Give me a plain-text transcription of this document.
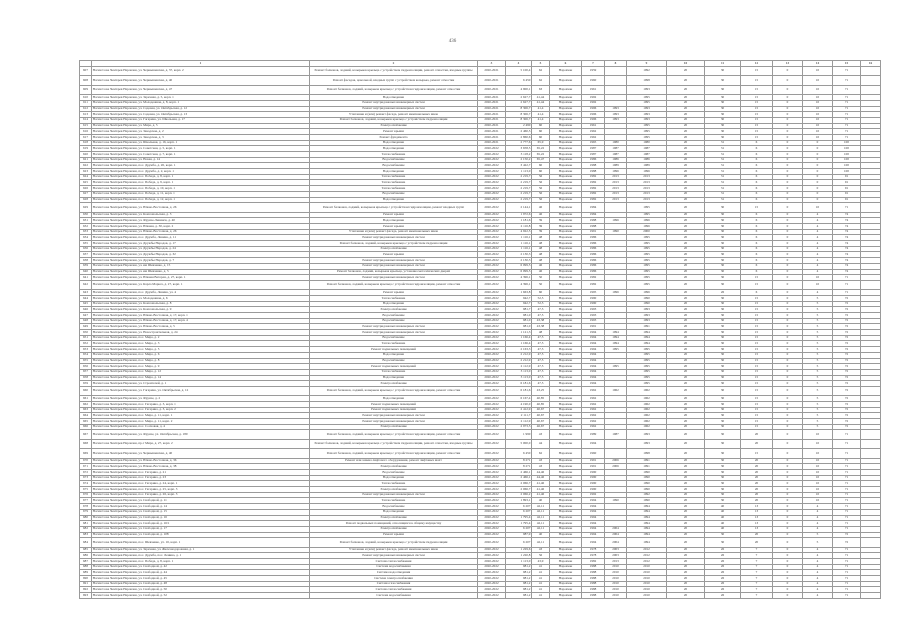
436
	1	2	3	4	5	6	7	8	9	10	11	12	13	14	15	16
607	Ногин Сове Чем'ерев Наровчан, ул. Чернышевская, д. 37, корп. 2	Ремонт балконов, лоджий, козырьков крыльца с устройством гидроизоляции, ремонт отмостки, входные группы	2020-2021	5 100,4	62	Наровчан	1959		1992	20	30	15	0	10	71	
608	Ногин Сове Чем'ерев Наровчан, ул. Чернышевская, д. 40	Ремонт фасадов, цокольной, входных групп с устройством козырька, ремонт отмостки	2020-2021	6 450	62	Наровчан	1960		1998	20	30	15	0	10	71	
609	Ногин Сове Чем'ерев Наровчан, ул. Чернышевская, д. 47	Ремонт балконов, лоджий, козырьков крыльца с устройством гидроизоляции, ремонт отмостки	2020-2021	4 900,1	63	Наровчан	1961		1993	20	30	15	0	10	71	
610	Ногин Сове Чем'ерев Наровчан, ул. Заречная, д. 5, корп. 1	Водоотведение	2020-2021	2 627,7	41,44	Наровчан	1992		1995	20	30	15	0	10	71	
611	Ногин Сове Чем'ерев Наровчан, ул. Молодежная, д. 8, корп. 1	Ремонт внутридомовых инженерных систем	2020-2021	2 627,7	41,44	Наровчан	1992		1995	20	30	15	0	10	71	
612	Ногин Сове Чем'ерев Наровчан, ул. Садовая, ул. Октябрьская, д. 12	Ремонт внутридомовых инженерных систем	2020-2021	8 306,7	41,4	Наровчан	1996	1993	1993	20	30	15	0	10	71	
613	Ногин Сове Чем'ерев Наровчан, ул. Садовая, ул. Октябрьская, д. 13	Утепление и (или) ремонт фасада, ремонт межпанельных швов	2020-2021	8 306,7	41,4	Наровчан	1996	1993	1993	20	30	15	0	10	71	
614	Ногин Сове Чем'ерев Наровчан, ул. Гагарина, ул. Школьная, д. 17	Ремонт балконов, лоджий, козырьков крыльца с устройством гидроизоляции	2020-2021	8 306,7	41,4	Наровчан	1996	1993	1993	20	30	15	0	10	71	
615	Ногин Сове Чем'ерев Наровчан, ул. Мира, д. 5	Электроснабжение	2020-2021	2 490	60	Наровчан	1961		1995	20	30	15	0	10	71	
616	Ногин Сове Чем'ерев Наровчан, ул. Заводская, д. 2	Ремонт крыши	2020-2021	2 460,5	60	Наровчан	1962		1995	20	30	15	0	10	71	
617	Ногин Сове Чем'ерев Наровчан, ул. Заводская, д. 3	Ремонт фундамента	2020-2021	2 860,6	60	Наровчан	1962		1995	20	30	15	0	10	71	
618	Ногин Сове Чем'ерев Наровчан, ул. Школьная, д. 16, корп. 1	Водоотведение	2020-2021	2 777,6	65,9	Наровчан	1965	1980	1980	20	31	6	0	0	100	
619	Ногин Сове Чем'ерев Наровчан, ул. Советская, д. 5, корп. 1	Водоотведение	2020-2022	3 658,5	65,22	Наровчан	1987	1987	1987	20	31	6	0	0	100	
620	Ногин Сове Чем'ерев Наровчан, ул. Советская, д. 7, корп. 1	Теплоснабжение	2020-2022	3 118,2	65,22	Наровчан	1987	1987	1987	20	31	6	0	0	100	
621	Ногин Сове Чем'ерев Наровчан, ул. Новая, д. 14	Водоснабжение	2020-2022	2 150,2	65,47	Наровчан	1986	1986	1986	20	31	6	0	0	100	
622	Ногин Сове Чем'ерев Наровчан, пос. Дружба, д. 26, корп. 1	Водоснабжение	2020-2022	3 422,7	60	Наровчан	1988	1989	1989	20	31	6	0	0	100	
623	Ногин Сове Чем'ерев Наровчан, пос. Дружба, д. 2, корп. 1	Водоотведение	2020-2022	1 113,0	60	Наровчан	1988	1996	1996	20	31	6	0	0	100	
624	Ногин Сове Чем'ерев Наровчан, пос. Победа, д. 8, корп. 1	Теплоснабжение	2020-2022	2 219,7	56	Наровчан	1982	2013	2013	20	31	6	0	0	91	
625	Ногин Сове Чем'ерев Наровчан, пос. Победа, д. 9, корп. 1	Теплоснабжение	2020-2022	2 219,7	56	Наровчан	1982	2013	2013	20	31	6	0	0	91	
626	Ногин Сове Чем'ерев Наровчан, пос. Победа, д. 10, корп. 1	Теплоснабжение	2020-2022	2 219,7	56	Наровчан	1982	2013	2013	20	31	6	0	0	91	
627	Ногин Сове Чем'ерев Наровчан, пос. Победа, д. 11, корп. 1	Водоснабжение	2020-2022	2 219,7	56	Наровчан	1982	2013	2013	20	31	6	0	0	91	
628	Ногин Сове Чем'ерев Наровчан, пос. Победа, д. 12, корп. 1	Водоотведение	2020-2022	2 219,7	56	Наровчан	1982	2013	2013	20	31	6	0	0	91	
629	Ногин Сове Чем'ерев Наровчан, ул. Южно-Восточная, д. 26	Ремонт балконов, лоджий, козырьков крыльца с устройством гидроизоляции, ремонт входных групп	2020-2022	2 144,1	46	Наровчан	1984		1995	20	30	15	0	10	71	
630	Ногин Сове Чем'ерев Наровчан, ул. Комсомольская, д. 3	Ремонт крыши	2020-2022	1 972,6	46	Наровчан	1984		1995	20	30	6	0	4	74	
631	Ногин Сове Чем'ерев Наровчан, ул. Фрунзе-Ленинск, д. 40	Водоотведение	2020-2022	1 181,6	39	Наровчан	1988	1996	1996	20	30	6	0	4	74	
632	Ногин Сове Чем'ерев Наровчан, ул. Южная, д. 30, корп. 2	Ремонт крыши	2020-2022	2 116,8	39	Наровчан	1988		1996	20	30	6	0	4	74	
633	Ногин Сове Чем'ерев Наровчан, ул. Южно-Восточная, д. 26	Утепление и (или) ремонт фасада, ремонт межпанельных швов	2020-2022	4 922,5	39	Наровчан	1991	1990	2000	20	30	6	0	4	74	
634	Ногин Сове Чем'ерев Наровчан, пос. Дружба, Ленина, д. 11	Ремонт внутридомовых инженерных систем	2020-2022	1 116,1	48	Наровчан	1986		1995	20	30	6	0	4	74	
635	Ногин Сове Чем'ерев Наровчан, ул. Дружбы Народов, д. 17	Ремонт балконов, лоджий, козырьков крыльца с устройством гидроизоляции	2020-2022	1 116,1	48	Наровчан	1986		1995	20	30	6	0	4	74	
636	Ногин Сове Чем'ерев Наровчан, ул. Дружбы Народов, д. 24	Электроснабжение	2020-2022	1 116,1	48	Наровчан	1986		1995	20	30	6	0	4	74	
637	Ногин Сове Чем'ерев Наровчан, ул. Дружбы Народов, д. 32	Ремонт крыши	2020-2022	2 130,3	48	Наровчан	1986		1995	20	30	6	0	4	74	
638	Ногин Сове Чем'ерев Наровчан, ул. Дружбы Народов, д. 7	Ремонт внутридомовых инженерных систем	2020-2022	2 130,3	48	Наровчан	1986		1995	20	30	6	0	4	74	
639	Ногин Сове Чем'ерев Наровчан, ул. им Шевченко, д. 15	Ремонт внутридомовых инженерных систем	2020-2022	6 099,5	46	Наровчан	1986		1995	20	30	6	0	4	74	
640	Ногин Сове Чем'ерев Наровчан, ул. им Шевченко, д. 5	Ремонт балконов, лоджий, козырьков крыльца, установка металлических дверей	2020-2022	6 099,5	46	Наровчан	1986		1995	20	30	6	0	4	74	
641	Ногин Сове Чем'ерев Наровчан, ул. Южная Ветеран, д. 27, корп. 1	Ремонт внутридомовых инженерных систем	2020-2022	4 396,1	50	Наровчан	1982		1995	20	30	15	0	10	71	
642	Ногин Сове Чем'ерев Наровчан, ул. Карла Маркса, д. 27, корп. 1	Ремонт балконов, лоджий, козырьков крыльца с устройством гидроизоляции, ремонт отмостки	2020-2022	4 396,1	50	Наровчан	1982		1995	20	30	15	0	10	71	
643	Ногин Сове Чем'ерев Наровчан, пос. Дружба, Ленина, ул. 4	Ремонт крыши	2020-2022	1 663,8	60	Наровчан	1995	1996	1996	20	26	6	0	4	71	
644	Ногин Сове Чем'ерев Наровчан, ул. Молодежная, д. 6	Теплоснабжение	2020-2022	942,7	52,5	Наровчан	1990		1990	20	30	15	0	5	72	
645	Ногин Сове Чем'ерев Наровчан, ул. Комсомольская, д. 8	Водоотведение	2020-2022	942,7	52,5	Наровчан	1990		1990	20	30	15	0	5	72	
646	Ногин Сове Чем'ерев Наровчан, ул. Комсомольская, д. 9	Электроснабжение	2020-2022	981,7	47,5	Наровчан	1993		1993	20	30	15	0	5	72	
647	Ногин Сове Чем'ерев Наровчан, ул. Южно-Восточная, д. 17, корп. 1	Водоснабжение	2020-2022	981,0	47,5	Наровчан	1993		1993	20	30	15	0	5	72	
648	Ногин Сове Чем'ерев Наровчан, ул. Южно-Восточная, д. 17, корп. 4	Водоснабжение	2020-2022	981,0	43,38	Наровчан	1993		1993	20	30	15	0	5	72	
649	Ногин Сове Чем'ерев Наровчан, ул. Южно-Восточная, д. 5	Ремонт внутридомовых инженерных систем	2020-2022	981,0	43,38	Наровчан	1991		1991	20	30	15	0	5	72	
650	Ногин Сове Чем'ерев Наровчан, ул. Новостроительная, д. 24	Ремонт внутридомовых инженерных систем	2020-2022	1 121,3	48	Наровчан	1994	1994	1994	20	30	15	0	5	72	
651	Ногин Сове Чем'ерев Наровчан, пос. Мира, д. 2	Водоснабжение	2020-2022	1 166,4	47,5	Наровчан	1994	1994	1994	20	30	15	0	5	72	
652	Ногин Сове Чем'ерев Наровчан, пос. Мира, д. 3	Теплоснабжение	2020-2022	1 166,4	47,5	Наровчан	1994	1994	1994	20	30	15	0	5	72	
653	Ногин Сове Чем'ерев Наровчан, пос. Мира, д. 5	Ремонт подвальных помещений	2020-2022	2 163,3	47,5	Наровчан	1994	1995	1995	20	30	15	0	5	72	
654	Ногин Сове Чем'ерев Наровчан, пос. Мира, д. 6	Водоотведение	2020-2022	2 212,9	47,5	Наровчан	1994		1995	20	30	15	0	5	72	
655	Ногин Сове Чем'ерев Наровчан, пос. Мира, д. 8	Водоснабжение	2020-2022	2 212,9	47,5	Наровчан	1994		1995	20	30	15	0	5	72	
656	Ногин Сове Чем'ерев Наровчан, пос. Мира, д. 9	Ремонт подвальных помещений	2020-2022	2 112,9	47,5	Наровчан	1994	1995	1995	20	30	15	0	5	72	
657	Ногин Сове Чем'ерев Наровчан, пос. Мира, д. 12	Теплоснабжение	2020-2022	3 113,0	47,5	Наровчан	1994		1995	20	30	15	0	5	72	
658	Ногин Сове Чем'ерев Наровчан, пос. Мира, д. 14	Водоотведение	2020-2022	3 113,0	47,5	Наровчан	1994		1995	20	30	15	0	5	72	
659	Ногин Сове Чем'ерев Наровчан, ул. Строителей, д. 1	Электроснабжение	2020-2022	6 181,6	47,5	Наровчан	1994		1995	20	30	15	0	5	72	
660	Ногин Сове Чем'ерев Наровчан, ул. Гагарина, ул. Октябрьская, д. 12	Ремонт балконов, лоджий, козырьков крыльца с устройством гидроизоляции, ремонт отмостки	2020-2022	6 181,6	43,25	Наровчан	1962	1962	1962	20	30	15	0	5	72	
661	Ногин Сове Чем'ерев Наровчан, ул. Фрунзе, д. 2	Водоотведение	2020-2022	6 167,4	40,85	Наровчан	1962		1962	20	30	15	0	5	72	
662	Ногин Сове Чем'ерев Наровчан, пос. Гагарина, д. 3, корп. 1	Ремонт подвальных помещений	2020-2022	4 190,0	40,85	Наровчан	1962		1962	20	30	15	0	5	72	
663	Ногин Сове Чем'ерев Наровчан, пос. Гагарина, д. 3, корп. 2	Ремонт подвальных помещений	2020-2022	2 412,9	40,67	Наровчан	1962		1962	20	30	15	0	5	72	
664	Ногин Сове Чем'ерев Наровчан, пос. Мира, д. 11, корп. 1	Ремонт внутридомовых инженерных систем	2020-2022	2 111,7	40,67	Наровчан	1962		1962	20	30	15	0	5	72	
665	Ногин Сове Чем'ерев Наровчан, пос. Мира, д. 11, корп. 2	Ремонт внутридомовых инженерных систем	2020-2022	2 112,9	40,67	Наровчан	1962		1962	20	30	15	0	5	72	
666	Ногин Сове Чем'ерев Наровчан, пос. Сосновая, д. 4	Электроснабжение	2020-2022	2 973,5	46,67	Наровчан	1962		1962	20	30	15	0	5	72	
667	Ногин Сове Чем'ерев Наровчан, ул. Фрунзе, ул. Октябрьская, д. 180	Ремонт балконов, лоджий, козырьков крыльца с устройством гидроизоляции, ремонт отмостки	2020-2022	1 990	43	Наровчан	1989	1987	1993	20	30	20	0	10	71	
668	Ногин Сове Чем'ерев Наровчан, пр-т Мира, д. 27, корп. 2	Ремонт балконов, лоджий, козырьков крыльца с устройством гидроизоляции, ремонт отмостки, входные группы	2020-2022	5 000,0	44	Наровчан	1994		1993	20	30	20	0	10	71	
669	Ногин Сове Чем'ерев Наровчан, ул. Чернышевская, д. 40	Ремонт балконов, лоджий, козырьков крыльца с устройством гидроизоляции, ремонт отмостки	2020-2022	6 450	62	Наровчан	1960		1998	20	30	15	0	10	71	
670	Ногин Сове Чем'ерев Наровчан, ул. Южно-Восточная, д. 36	Ремонт или замена лифтового оборудования, ремонт лифтовых шахт	2020-2022	8 271	43	Наровчан	1991	2006	1991	20	30	20	0	10	71	
671	Ногин Сове Чем'ерев Наровчан, ул. Южно-Восточная, д. 38	Электроснабжение	2020-2022	8 271	43	Наровчан	1991	2006	1991	20	30	20	0	10	71	
672	Ногин Сове Чем'ерев Наровчан, пос. Гагарина, д. 21	Водоснабжение	2020-2022	2 466,1	44,46	Наровчан	1990		1990	20	30	20	0	10	71	
673	Ногин Сове Чем'ерев Наровчан, пос. Гагарина, д. 23	Водоотведение	2020-2022	2 466,1	44,46	Наровчан	1990		1990	20	30	20	0	10	71	
674	Ногин Сове Чем'ерев Наровчан, пос. Гагарина, д. 24, корп. 1	Теплоснабжение	2020-2022	2 066,7	41,46	Наровчан	1990		1990	20	30	20	0	10	71	
675	Ногин Сове Чем'ерев Наровчан, пос. Гагарина, д. 25, корп. 3	Электроснабжение	2020-2022	2 066,7	41,46	Наровчан	1990		1990	20	30	20	0	10	71	
676	Ногин Сове Чем'ерев Наровчан, пос. Гагарина, д. 26, корп. 3	Ремонт внутридомовых инженерных систем	2020-2022	2 066,2	41,46	Наровчан	1992		1992	20	30	20	0	10	71	
677	Ногин Сове Чем'ерев Наровчан, ул. Свободной, д. 11	Теплоснабжение	2020-2022	1 893,1	40	Наровчан	1994	1990	1990	20	30	20	0	10	71	
678	Ногин Сове Чем'ерев Наровчан, ул. Свободной, д. 14	Водоснабжение	2020-2022	6 207	42,11	Наровчан	1994		1994	20	40	13	0	4	71	
679	Ногин Сове Чем'ерев Наровчан, ул. Свободной, д. 15	Водоотведение	2020-2022	6 207	42,11	Наровчан	1994		1994	20	40	13	0	4	71	
680	Ногин Сове Чем'ерев Наровчан, ул. Свободной, д. 16	Электроснабжение	2020-2022	1 795,4	42,11	Наровчан	1994		1994	20	40	13	0	4	71	
681	Ногин Сове Чем'ерев Наровчан, ул. Свободной, д. 16/1	Ремонт подвальных помещений, относящихся к общему имуществу	2020-2022	1 795,4	42,11	Наровчан	1994		1994	20	40	13	0	4	71	
682	Ногин Сове Чем'ерев Наровчан, ул. Свободной, д. 17	Электроснабжение	2020-2022	6 207	42,11	Наровчан	1994	2004	1994	20	40	13	0	4	71	
683	Ногин Сове Чем'ерев Наровчан, ул. Свободной, д. 108	Ремонт крыши	2020-2022	987,9	40	Наровчан	1994	2004	1994	20	30	20	0	5	72	
684	Ногин Сове Чем'ерев Наровчан, пос. Шевченко, ул. 16, корп. 1	Ремонт балконов, лоджий, козырьков крыльца с устройством гидроизоляции	2020-2022	6 207	42,11	Наровчан	1994	2004	1994	20	30	20	0	5	72	
685	Ногин Сове Чем'ерев Наровчан, ул. Заречная, ул. Железнодорожная, д. 1	Утепление и (или) ремонт фасада, ремонт межпанельных швов	2020-2022	1 229,6	43	Наровчан	1978	2003	2012	20	26	7	0	4	71	
686	Ногин Сове Чем'ерев Наровчан, пос. Дружба, пос. Ленина, д. 1	Ремонт внутридомовых инженерных систем	2020-2022	1 220,8	56	Наровчан	1978	2003	2012	20	26	7	0	4	71	
687	Ногин Сове Чем'ерев Наровчан, пос. Победа, д. 8, корп. 1	Система теплоснабжения	2020-2022	1 113,0	43,9	Наровчан	1982	2013	2012	20	26	7	0	4	71	
688	Ногин Сове Чем'ерев Наровчан, ул. Свободной, д. 42	Система водоснабжения	2020-2022	981,2	41	Наровчан	1988	2010	2010	20	26	7	0	4	71	
689	Ногин Сове Чем'ерев Наровчан, ул. Свободной, д. 44	Система водоотведения	2020-2022	981,2	41	Наровчан	1988	2010	2010	20	26	7	0	4	71	
690	Ногин Сове Чем'ерев Наровчан, ул. Свободной, д. 45	Система электроснабжения	2020-2022	981,2	41	Наровчан	1988	2010	2010	20	26	7	0	4	71	
691	Ногин Сове Чем'ерев Наровчан, ул. Свободной, д. 48	Система газоснабжения	2020-2022	981,2	41	Наровчан	1988	2010	2010	20	26	7	0	4	71	
692	Ногин Сове Чем'ерев Наровчан, ул. Свободной, д. 50	Система теплоснабжения	2020-2022	981,2	41	Наровчан	1988	2010	2010	20	26	7	0	4	71	
693	Ногин Сове Чем'ерев Наровчан, ул. Свободной, д. 52	Система водоснабжения	2020-2022	981,2	41	Наровчан	1988	2010	2010	20	26	7	0	4	71	
